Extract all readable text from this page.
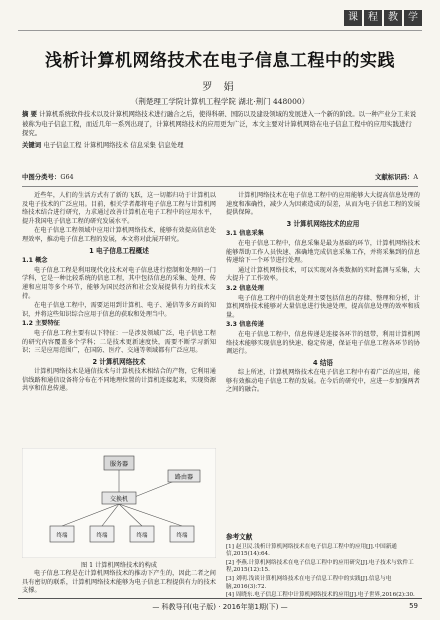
课	程	教	学
浅析计算机网络技术在电子信息工程中的实践
罗 娟
（荆楚理工学院计算机工程学院 湖北·荆门 448000）
摘 要 计算机系统软件技术以及计算机网络技术进行融合之后，使得科研、国防以及建设领域的发展进入一个新的阶段。以一种产业分工来说被称为电子信息工程，而近几年一系列出现了，计算机网络技术的应用更为广泛，本文主要对计算机网络在电子信息工程中的应用实践进行探究。
关键词 电子信息工程 计算机网络技术 信息采集 信息处理
中图分类号：G64	文献标识码：A

近些年，人们的生活方式有了新的飞跃，这一切都归功于计算机以及电子技术的广泛应用。目前，相关学者都将电子信息工程与计算机网络技术结合进行研究，力求通过改善计算机在电子工程中的应用水平，提升我国电子信息工程的研究发展水平。

在电子信息工程领域中应用计算机网络技术，能够有效提高信息处理效率，推动电子信息工程的发展，本文将对此展开研究。

1 电子信息工程概述
1.1 概念

电子信息工程是利用现代化技术对电子信息进行控制和处理的一门学科，它是一种比较系统的信息工程，其中包括信息的采集、处理、传递和应用等多个环节，能够为国民经济和社会发展提供有力的技术支持。

在电子信息工程中，需要运用到计算机、电子、通信等多方面的知识，并将这些知识综合应用于信息的获取和处理当中。

1.2 主要特征

电子信息工程主要有以下特征：一是涉及领域广泛，电子信息工程的研究内容覆盖多个学科；二是技术更新速度快，需要不断学习新知识；三是应用范围广，在国防、医疗、交通等领域都有广泛应用。

2 计算机网络技术

计算机网络技术是通信技术与计算机技术相结合的产物，它利用通信线路和通信设备将分布在不同地理位置的计算机连接起来，实现资源共享和信息传递。

服务器
交换机
路由器
终端	终端	终端	终端
图 1 计算机网络技术的构成

电子信息工程是在计算机网络技术的推动下产生的，因此二者之间具有密切的联系，计算机网络技术能够为电子信息工程提供有力的技术支撑。

计算机网络技术在电子信息工程中的应用能够大大提高信息处理的速度和准确性，减少人为因素造成的误差，从而为电子信息工程的发展提供保障。

3 计算机网络技术的应用
3.1 信息采集

在电子信息工程中，信息采集是最为基础的环节，计算机网络技术能够帮助工作人员快速、准确地完成信息采集工作，并将采集到的信息传递给下一个环节进行处理。

通过计算机网络技术，可以实现对各类数据的实时监测与采集，大大提升了工作效率。

3.2 信息处理

电子信息工程中的信息处理主要包括信息的存储、整理和分析，计算机网络技术能够对大量信息进行快速处理，提高信息处理的效率和质量。

3.3 信息传递

在电子信息工程中，信息传递是连接各环节的纽带，利用计算机网络技术能够实现信息的快速、稳定传递，保证电子信息工程各环节的协调运行。

4 结语

综上所述，计算机网络技术在电子信息工程中有着广泛的应用，能够有效推动电子信息工程的发展。在今后的研究中，应进一步加强两者之间的融合。

参考文献
[1] 赵卫民.浅析计算机网络技术在电子信息工程中的应用[J].中国新通信,2015(14):64.
[2] 李燕.计算机网络技术在电子信息工程中的应用研究[J].电子技术与软件工程,2015(12):15.
[3] 刘明.浅谈计算机网络技术在电子信息工程中的实践[J].信息与电脑,2016(3):72.
[4] 周晓东.电子信息工程中计算机网络技术的应用[J].电子世界,2016(2):30.
— 科教导刊(电子版) · 2016年第1期(下) —	59
